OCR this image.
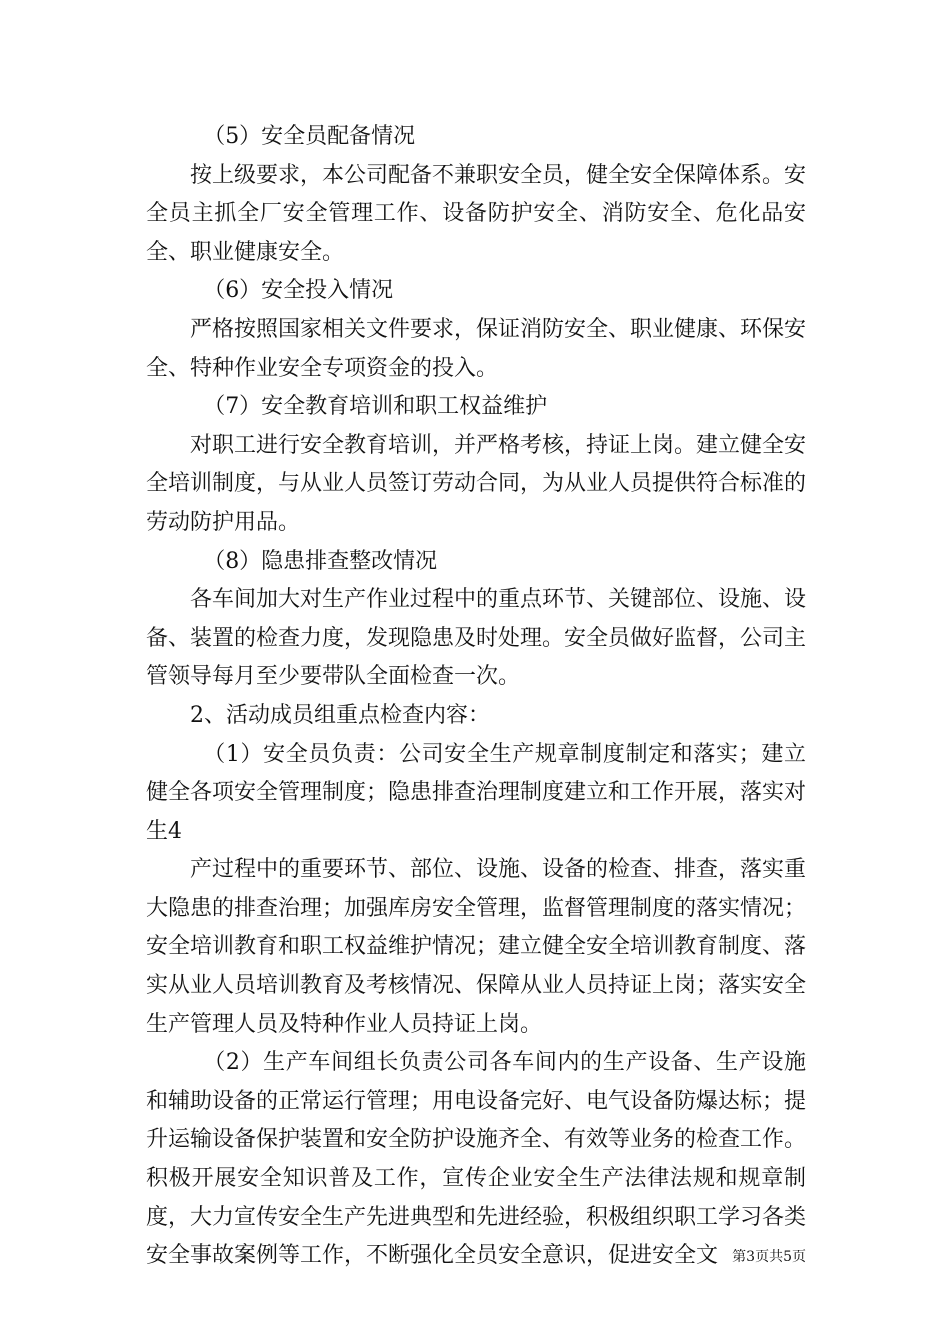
（5）安全员配备情况

按上级要求，本公司配备不兼职安全员，健全安全保障体系。安全员主抓全厂安全管理工作、设备防护安全、消防安全、危化品安全、职业健康安全。

（6）安全投入情况

严格按照国家相关文件要求，保证消防安全、职业健康、环保安全、特种作业安全专项资金的投入。

（7）安全教育培训和职工权益维护

对职工进行安全教育培训，并严格考核，持证上岗。建立健全安全培训制度，与从业人员签订劳动合同，为从业人员提供符合标准的劳动防护用品。

（8）隐患排查整改情况

各车间加大对生产作业过程中的重点环节、关键部位、设施、设备、装置的检查力度，发现隐患及时处理。安全员做好监督，公司主管领导每月至少要带队全面检查一次。

2、活动成员组重点检查内容：

（1）安全员负责：公司安全生产规章制度制定和落实；建立健全各项安全管理制度；隐患排查治理制度建立和工作开展，落实对生4

产过程中的重要环节、部位、设施、设备的检查、排查，落实重大隐患的排查治理；加强库房安全管理，监督管理制度的落实情况；安全培训教育和职工权益维护情况；建立健全安全培训教育制度、落实从业人员培训教育及考核情况、保障从业人员持证上岗；落实安全生产管理人员及特种作业人员持证上岗。

（2）生产车间组长负责公司各车间内的生产设备、生产设施和辅助设备的正常运行管理；用电设备完好、电气设备防爆达标；提升运输设备保护装置和安全防护设施齐全、有效等业务的检查工作。积极开展安全知识普及工作，宣传企业安全生产法律法规和规章制度，大力宣传安全生产先进典型和先进经验，积极组织职工学习各类安全事故案例等工作，不断强化全员安全意识，促进安全文	第3页共5页
